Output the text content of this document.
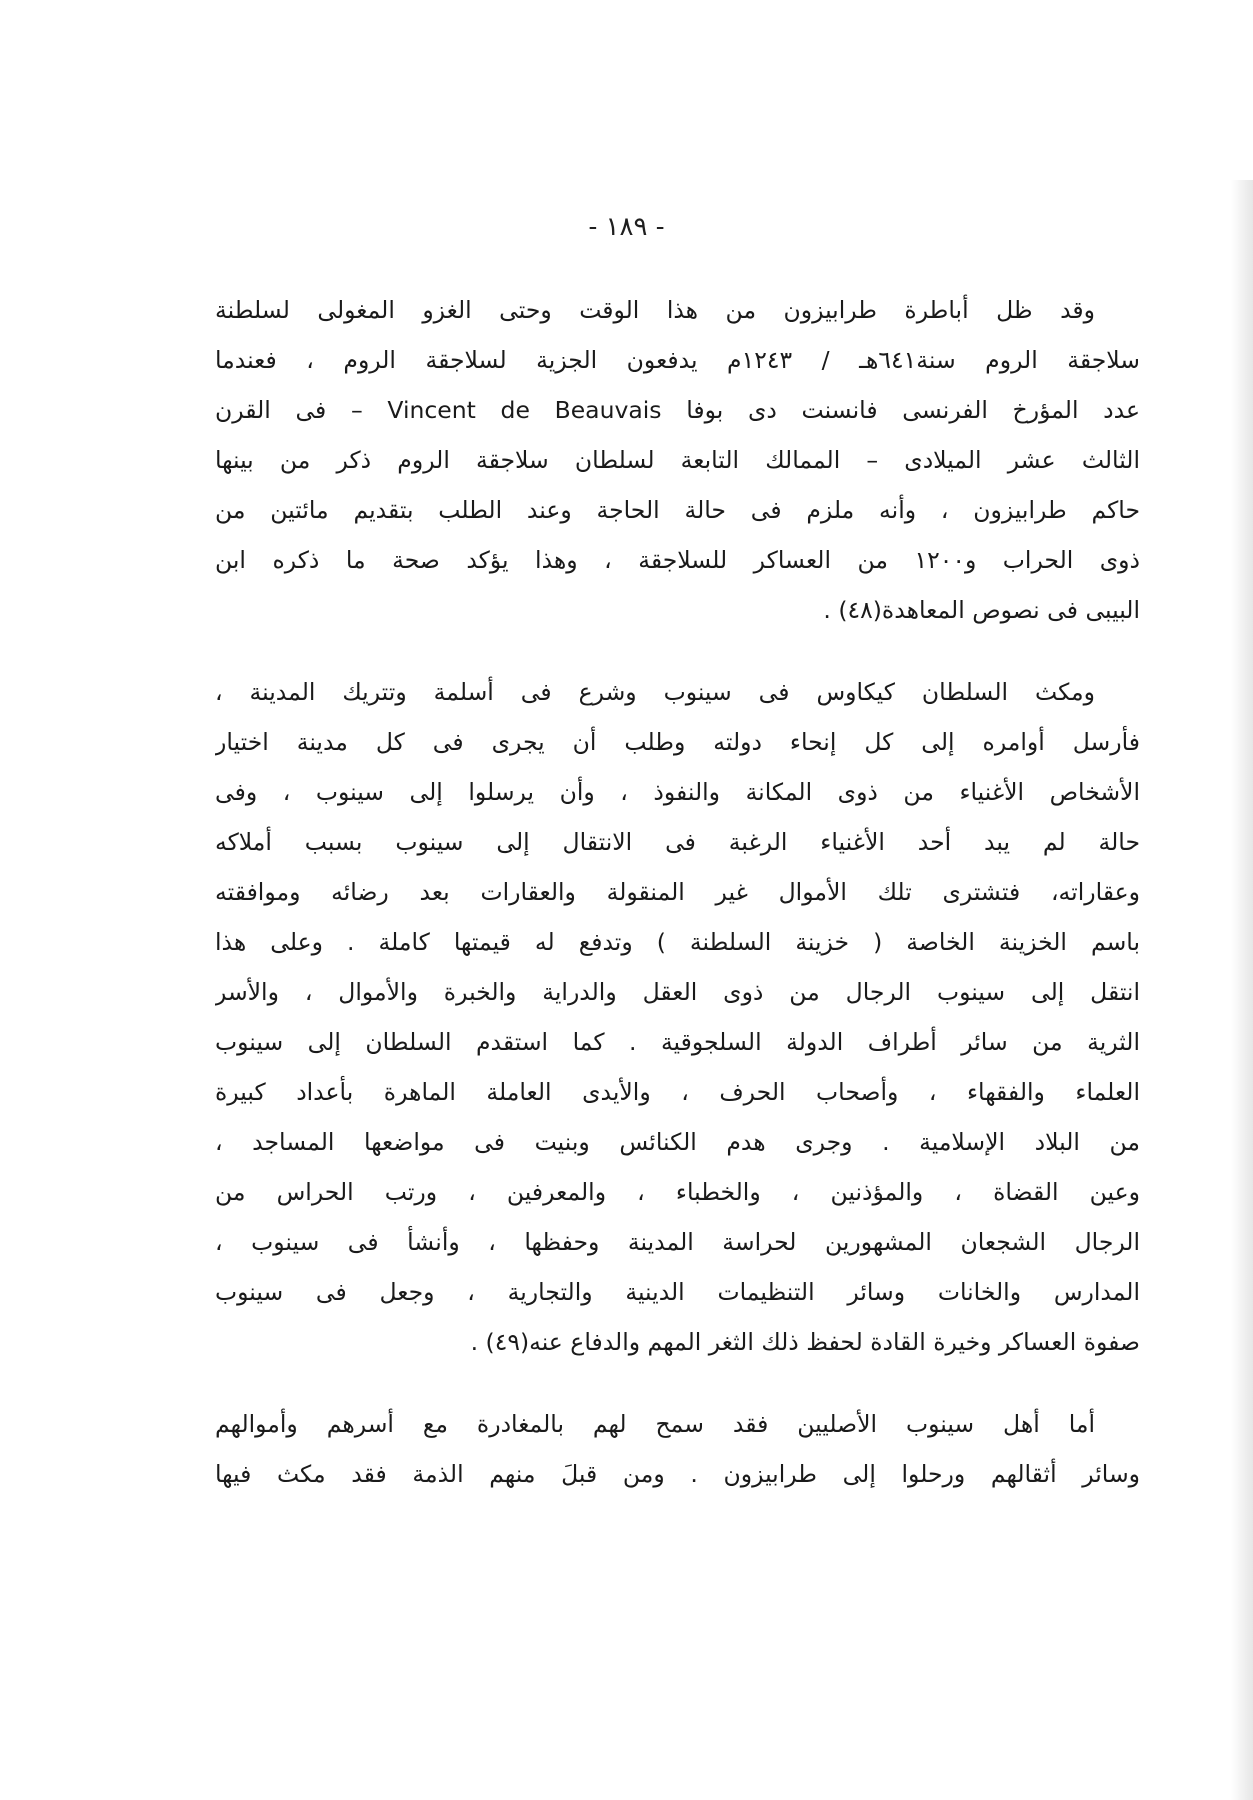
- ١٨٩ -
وقد ظل أباطرة طرابيزون من هذا الوقت وحتى الغزو المغولى لسلطنة
سلاجقة الروم سنة٦٤١هـ / ١٢٤٣م يدفعون الجزية لسلاجقة الروم ، فعندما
عدد المؤرخ الفرنسى فانسنت دى بوفا Vincent de Beauvais – فى القرن
الثالث عشر الميلادى – الممالك التابعة لسلطان سلاجقة الروم ذكر من بينها
حاكم طرابيزون ، وأنه ملزم فى حالة الحاجة وعند الطلب بتقديم مائتين من
ذوى الحراب و١٢٠٠ من العساكر للسلاجقة ، وهذا يؤكد صحة ما ذكره ابن
البيبى فى نصوص المعاهدة(٤٨) .
ومكث السلطان كيكاوس فى سينوب وشرع فى أسلمة وتتريك المدينة ،
فأرسل أوامره إلى كل إنحاء دولته وطلب أن يجرى فى كل مدينة اختيار
الأشخاص الأغنياء من ذوى المكانة والنفوذ ، وأن يرسلوا إلى سينوب ، وفى
حالة لم يبد أحد الأغنياء الرغبة فى الانتقال إلى سينوب بسبب أملاكه
وعقاراته، فتشترى تلك الأموال غير المنقولة والعقارات بعد رضائه وموافقته
باسم الخزينة الخاصة ( خزينة السلطنة ) وتدفع له قيمتها كاملة . وعلى هذا
انتقل إلى سينوب الرجال من ذوى العقل والدراية والخبرة والأموال ، والأسر
الثرية من سائر أطراف الدولة السلجوقية . كما استقدم السلطان إلى سينوب
العلماء والفقهاء ، وأصحاب الحرف ، والأيدى العاملة الماهرة بأعداد كبيرة
من البلاد الإسلامية . وجرى هدم الكنائس وبنيت فى مواضعها المساجد ،
وعين القضاة ، والمؤذنين ، والخطباء ، والمعرفين ، ورتب الحراس من
الرجال الشجعان المشهورين لحراسة المدينة وحفظها ، وأنشأ فى سينوب ،
المدارس والخانات وسائر التنظيمات الدينية والتجارية ، وجعل فى سينوب
صفوة العساكر وخيرة القادة لحفظ ذلك الثغر المهم والدفاع عنه(٤٩) .
أما أهل سينوب الأصليين فقد سمح لهم بالمغادرة مع أسرهم وأموالهم
وسائر أثقالهم ورحلوا إلى طرابيزون . ومن قبلَ منهم الذمة فقد مكث فيها
